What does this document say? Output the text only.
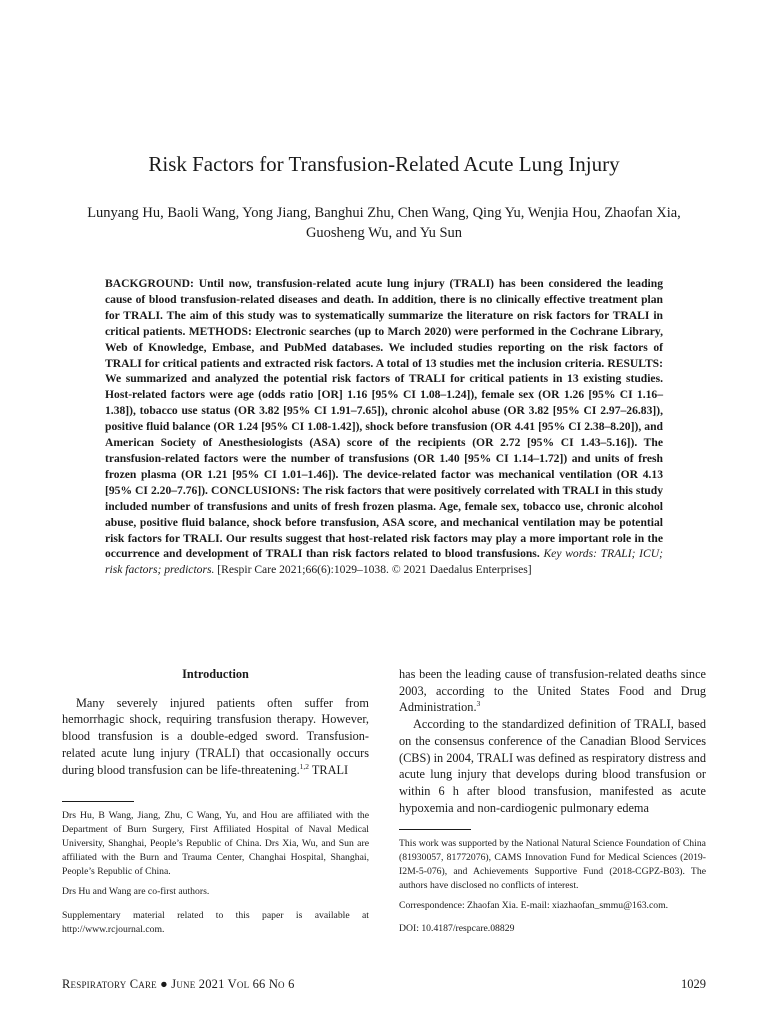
Risk Factors for Transfusion-Related Acute Lung Injury

Lunyang Hu, Baoli Wang, Yong Jiang, Banghui Zhu, Chen Wang, Qing Yu, Wenjia Hou, Zhaofan Xia, Guosheng Wu, and Yu Sun

BACKGROUND: Until now, transfusion-related acute lung injury (TRALI) has been considered the leading cause of blood transfusion-related diseases and death. In addition, there is no clinically effective treatment plan for TRALI. The aim of this study was to systematically summarize the literature on risk factors for TRALI in critical patients. METHODS: Electronic searches (up to March 2020) were performed in the Cochrane Library, Web of Knowledge, Embase, and PubMed databases. We included studies reporting on the risk factors of TRALI for critical patients and extracted risk factors. A total of 13 studies met the inclusion criteria. RESULTS: We summarized and analyzed the potential risk factors of TRALI for critical patients in 13 existing studies. Host-related factors were age (odds ratio [OR] 1.16 [95% CI 1.08–1.24]), female sex (OR 1.26 [95% CI 1.16–1.38]), tobacco use status (OR 3.82 [95% CI 1.91–7.65]), chronic alcohol abuse (OR 3.82 [95% CI 2.97–26.83]), positive fluid balance (OR 1.24 [95% CI 1.08-1.42]), shock before transfusion (OR 4.41 [95% CI 2.38–8.20]), and American Society of Anesthesiologists (ASA) score of the recipients (OR 2.72 [95% CI 1.43–5.16]). The transfusion-related factors were the number of transfusions (OR 1.40 [95% CI 1.14–1.72]) and units of fresh frozen plasma (OR 1.21 [95% CI 1.01–1.46]). The device-related factor was mechanical ventilation (OR 4.13 [95% CI 2.20–7.76]). CONCLUSIONS: The risk factors that were positively correlated with TRALI in this study included number of transfusions and units of fresh frozen plasma. Age, female sex, tobacco use, chronic alcohol abuse, positive fluid balance, shock before transfusion, ASA score, and mechanical ventilation may be potential risk factors for TRALI. Our results suggest that host-related risk factors may play a more important role in the occurrence and development of TRALI than risk factors related to blood transfusions. Key words: TRALI; ICU; risk factors; predictors. [Respir Care 2021;66(6):1029–1038. © 2021 Daedalus Enterprises]

Introduction

Many severely injured patients often suffer from hemorrhagic shock, requiring transfusion therapy. However, blood transfusion is a double-edged sword. Transfusion-related acute lung injury (TRALI) that occasionally occurs during blood transfusion can be life-threatening.$^{1,2}$ TRALI

has been the leading cause of transfusion-related deaths since 2003, according to the United States Food and Drug Administration.$^3$

According to the standardized definition of TRALI, based on the consensus conference of the Canadian Blood Services (CBS) in 2004, TRALI was defined as respiratory distress and acute lung injury that develops during blood transfusion or within 6 h after blood transfusion, manifested as acute hypoxemia and non-cardiogenic pulmonary edema

Drs Hu, B Wang, Jiang, Zhu, C Wang, Yu, and Hou are affiliated with the Department of Burn Surgery, First Affiliated Hospital of Naval Medical University, Shanghai, People’s Republic of China. Drs Xia, Wu, and Sun are affiliated with the Burn and Trauma Center, Changhai Hospital, Shanghai, People’s Republic of China.

Drs Hu and Wang are co-first authors.

Supplementary material related to this paper is available at http://www.rcjournal.com.

This work was supported by the National Natural Science Foundation of China (81930057, 81772076), CAMS Innovation Fund for Medical Sciences (2019-I2M-5-076), and Achievements Supportive Fund (2018-CGPZ-B03). The authors have disclosed no conflicts of interest.

Correspondence: Zhaofan Xia. E-mail: xiazhaofan_smmu@163.com.

DOI: 10.4187/respcare.08829

Respiratory Care ● June 2021 Vol 66 No 6	1029
